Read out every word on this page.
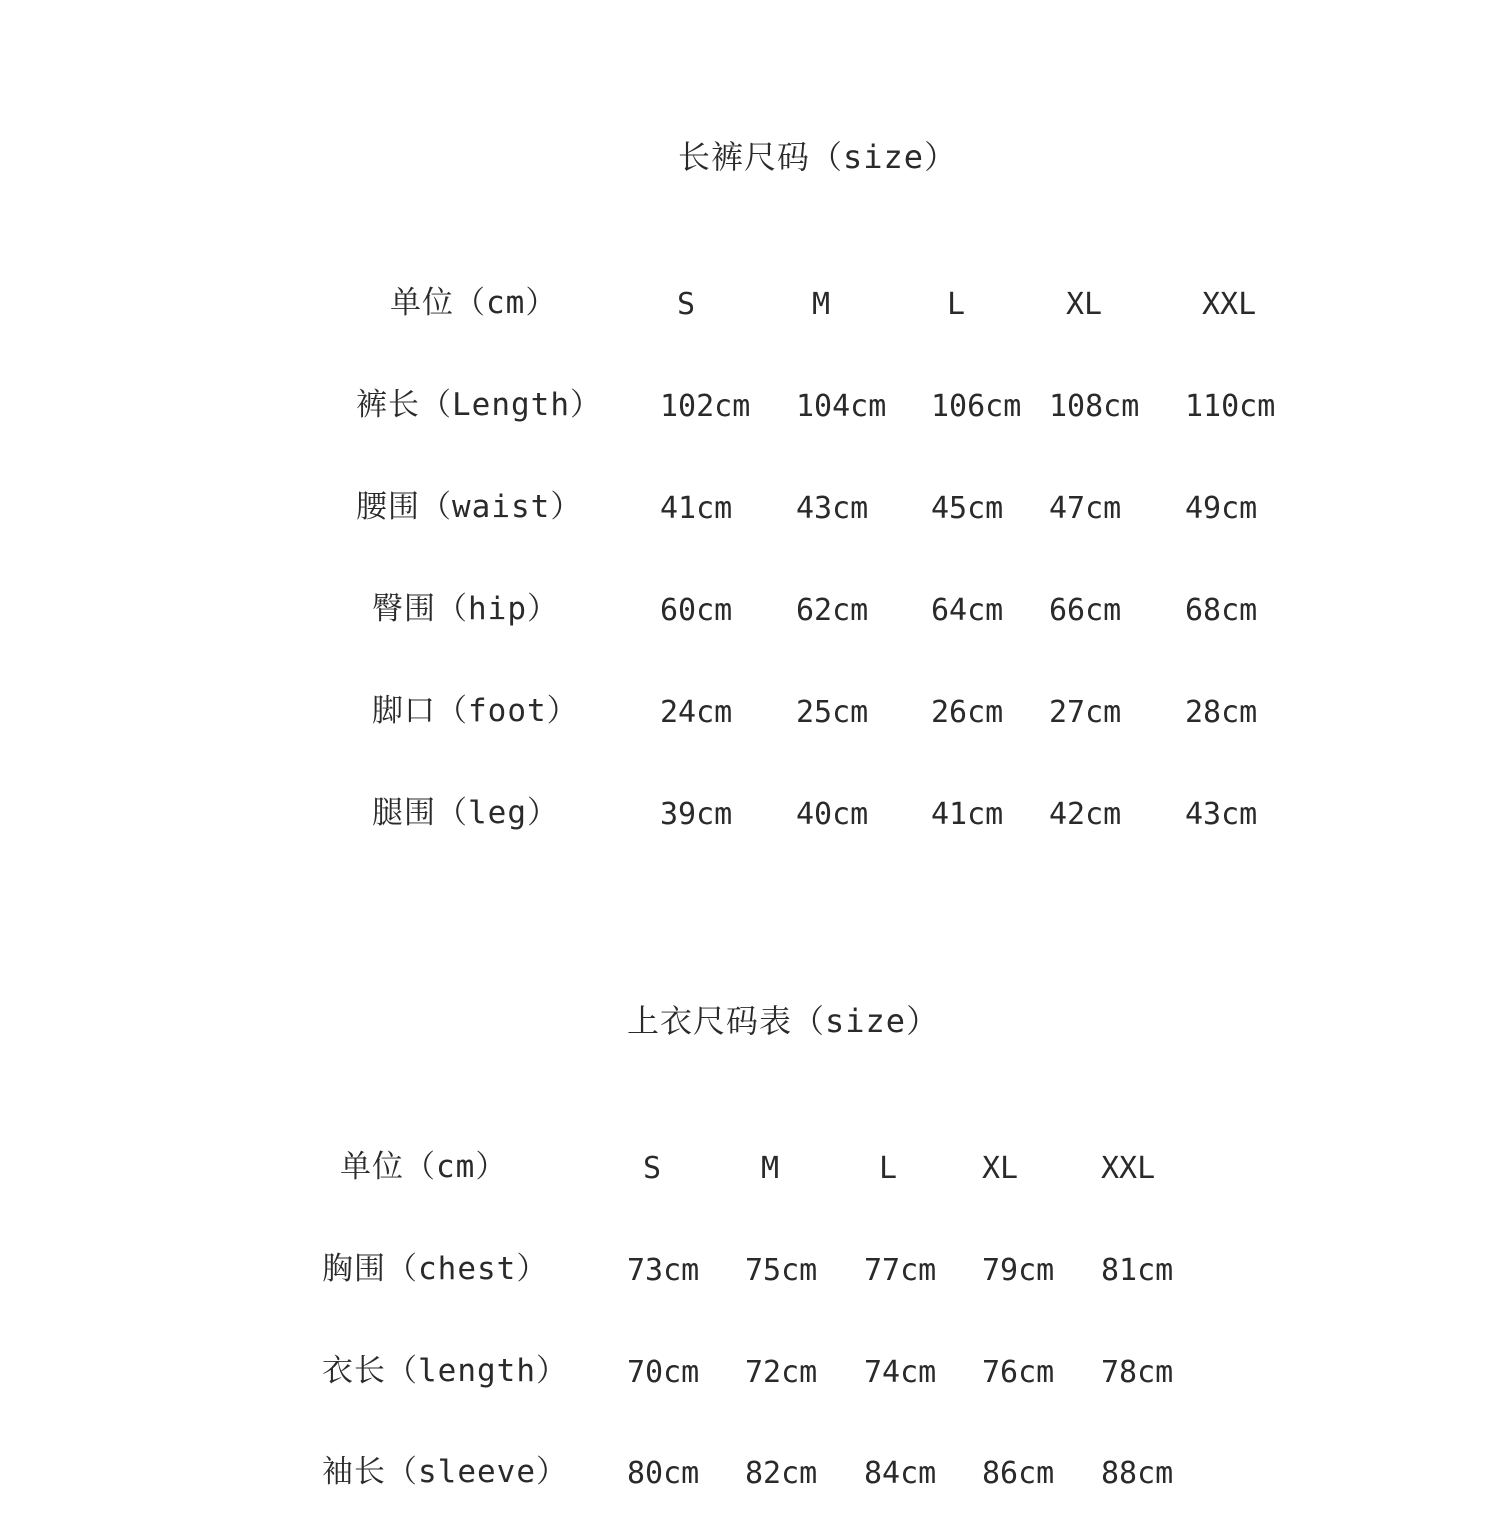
长裤尺码（size）
单位（cm）	S	M	L	XL	XXL
裤长（Length） 102cm 104cm 106cm 108cm 110cm
腰围（waist）	41cm 43cm 45cm 47cm 49cm
臀围（hip）	60cm 62cm 64cm 66cm 68cm
脚口（foot）	24cm 25cm 26cm 27cm 28cm
腿围（leg）	39cm 40cm 41cm 42cm 43cm
上衣尺码表（size）
单位（cm）	S	M	L	XL	XXL
胸围（chest）	73cm 75cm 77cm 79cm 81cm
衣长（length） 70cm 72cm 74cm 76cm 78cm
袖长（sleeve） 80cm 82cm 84cm 86cm 88cm
